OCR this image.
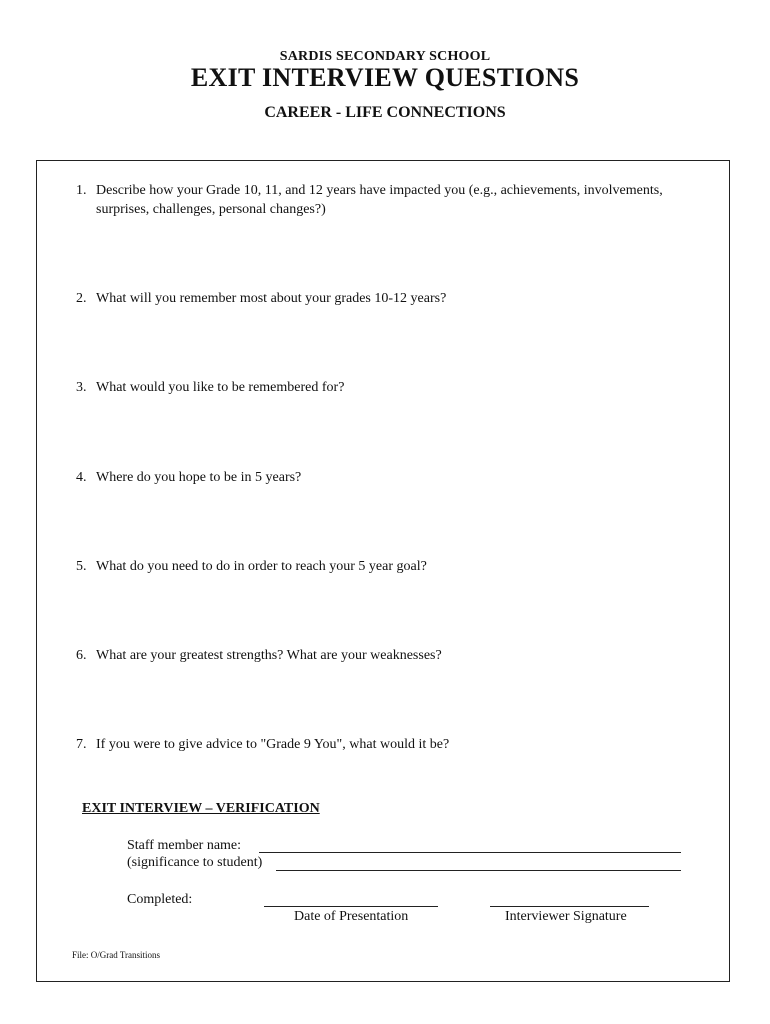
SARDIS SECONDARY SCHOOL
EXIT INTERVIEW QUESTIONS
CAREER - LIFE CONNECTIONS
1. Describe how your Grade 10, 11, and 12 years have impacted you (e.g., achievements, involvements, surprises, challenges, personal changes?)
2. What will you remember most about your grades 10-12 years?
3. What would you like to be remembered for?
4. Where do you hope to be in 5 years?
5. What do you need to do in order to reach your 5 year goal?
6. What are your greatest strengths? What are your weaknesses?
7. If you were to give advice to "Grade 9 You", what would it be?
EXIT INTERVIEW – VERIFICATION
Staff member name:
(significance to student)
Completed:
Date of Presentation	Interviewer Signature
File: O/Grad Transitions
